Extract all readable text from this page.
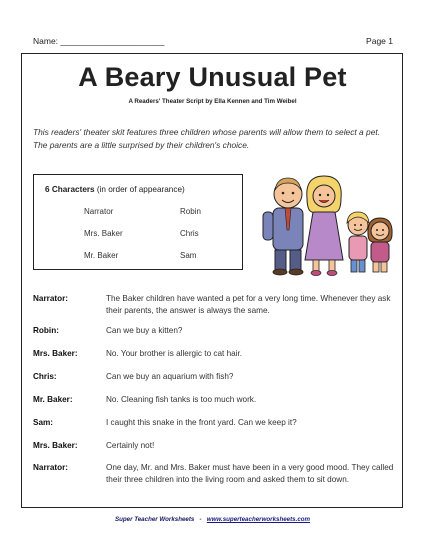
Name: ______________________	Page 1
A Beary Unusual Pet
A Readers' Theater Script by Ella Kennen and Tim Weibel
This readers' theater skit features three children whose parents will allow them to select a pet. The parents are a little surprised by their children's choice.
6 Characters (in order of appearance)
Narrator	Robin
Mrs. Baker	Chris
Mr. Baker	Sam
Narrator:	The Baker children have wanted a pet for a very long time. Whenever they ask their parents, the answer is always the same.
Robin:	Can we buy a kitten?
Mrs. Baker:	No. Your brother is allergic to cat hair.
Chris:	Can we buy an aquarium with fish?
Mr. Baker:	No. Cleaning fish tanks is too much work.
Sam:	I caught this snake in the front yard. Can we keep it?
Mrs. Baker:	Certainly not!
Narrator:	One day, Mr. and Mrs. Baker must have been in a very good mood. They called their three children into the living room and asked them to sit down.
Super Teacher Worksheets - www.superteacherworksheets.com
